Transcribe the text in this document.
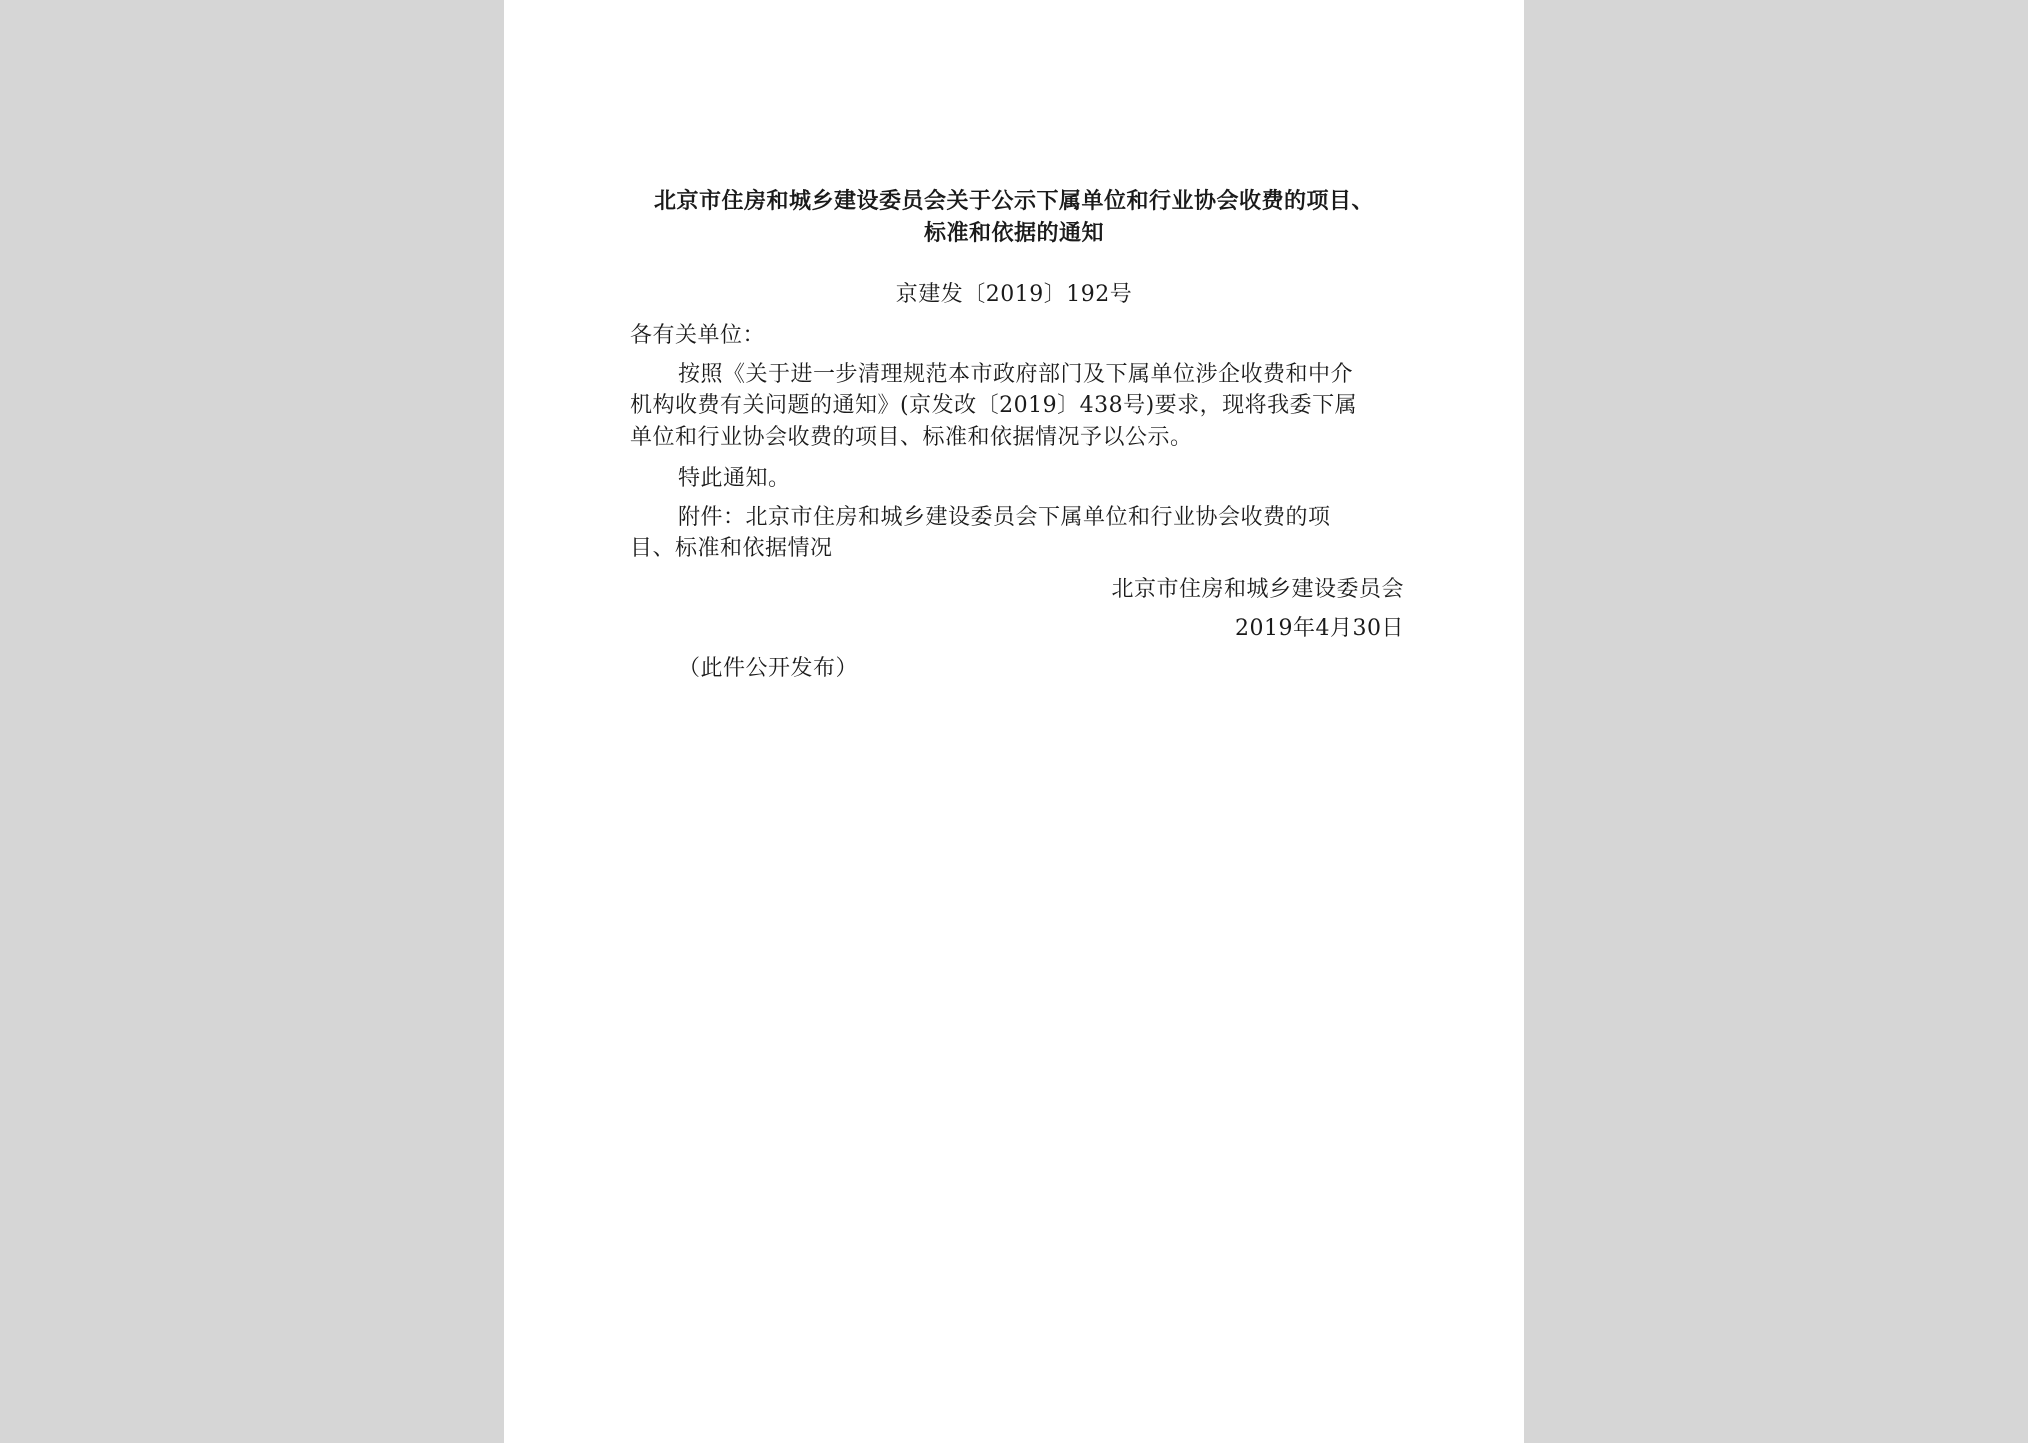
北京市住房和城乡建设委员会关于公示下属单位和行业协会收费的项目、
标准和依据的通知
京建发〔2019〕192号
各有关单位：
按照《关于进一步清理规范本市政府部门及下属单位涉企收费和中介
机构收费有关问题的通知》(京发改〔2019〕438号)要求，现将我委下属
单位和行业协会收费的项目、标准和依据情况予以公示。
特此通知。
附件：北京市住房和城乡建设委员会下属单位和行业协会收费的项
目、标准和依据情况
北京市住房和城乡建设委员会
2019年4月30日
（此件公开发布）
